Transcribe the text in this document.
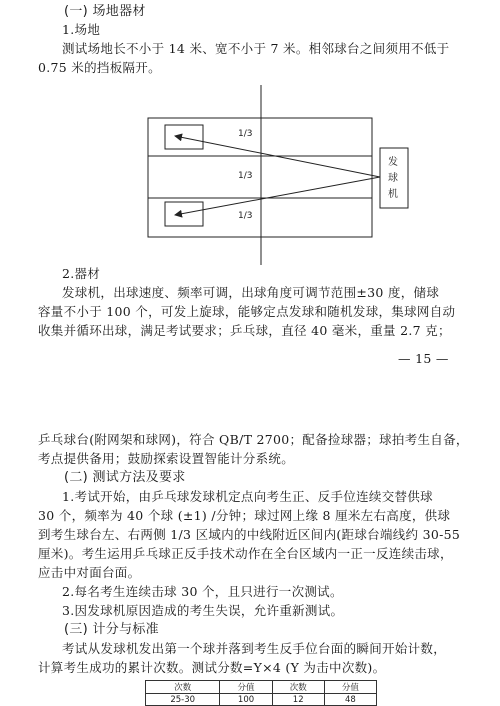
(一) 场地器材
1.场地
测试场地长不小于 14 米、宽不小于 7 米。相邻球台之间须用不低于
0.75 米的挡板隔开。
1/3
1/3
1/3
发
球
机
2.器材
发球机，出球速度、频率可调，出球角度可调节范围±30 度，储球
容量不小于 100 个，可发上旋球，能够定点发球和随机发球，集球网自动
收集并循环出球，满足考试要求；乒乓球，直径 40 毫米，重量 2.7 克；
— 15 —
乒乓球台(附网架和球网)，符合 QB/T 2700；配备捡球器；球拍考生自备，
考点提供备用；鼓励探索设置智能计分系统。
(二) 测试方法及要求
1.考试开始，由乒乓球发球机定点向考生正、反手位连续交替供球
30 个，频率为 40 个球 (±1) /分钟；球过网上缘 8 厘米左右高度，供球
到考生球台左、右两侧 1/3 区域内的中线附近区间内(距球台端线约 30-55
厘米)。考生运用乒乓球正反手技术动作在全台区域内一正一反连续击球，
应击中对面台面。
2.每名考生连续击球 30 个，且只进行一次测试。
3.因发球机原因造成的考生失误，允许重新测试。
(三) 计分与标准
考试从发球机发出第一个球并落到考生反手位台面的瞬间开始计数，
计算考生成功的累计次数。测试分数=Y×4 (Y 为击中次数)。
次数	分值	次数	分值
25-30	100	12	48
